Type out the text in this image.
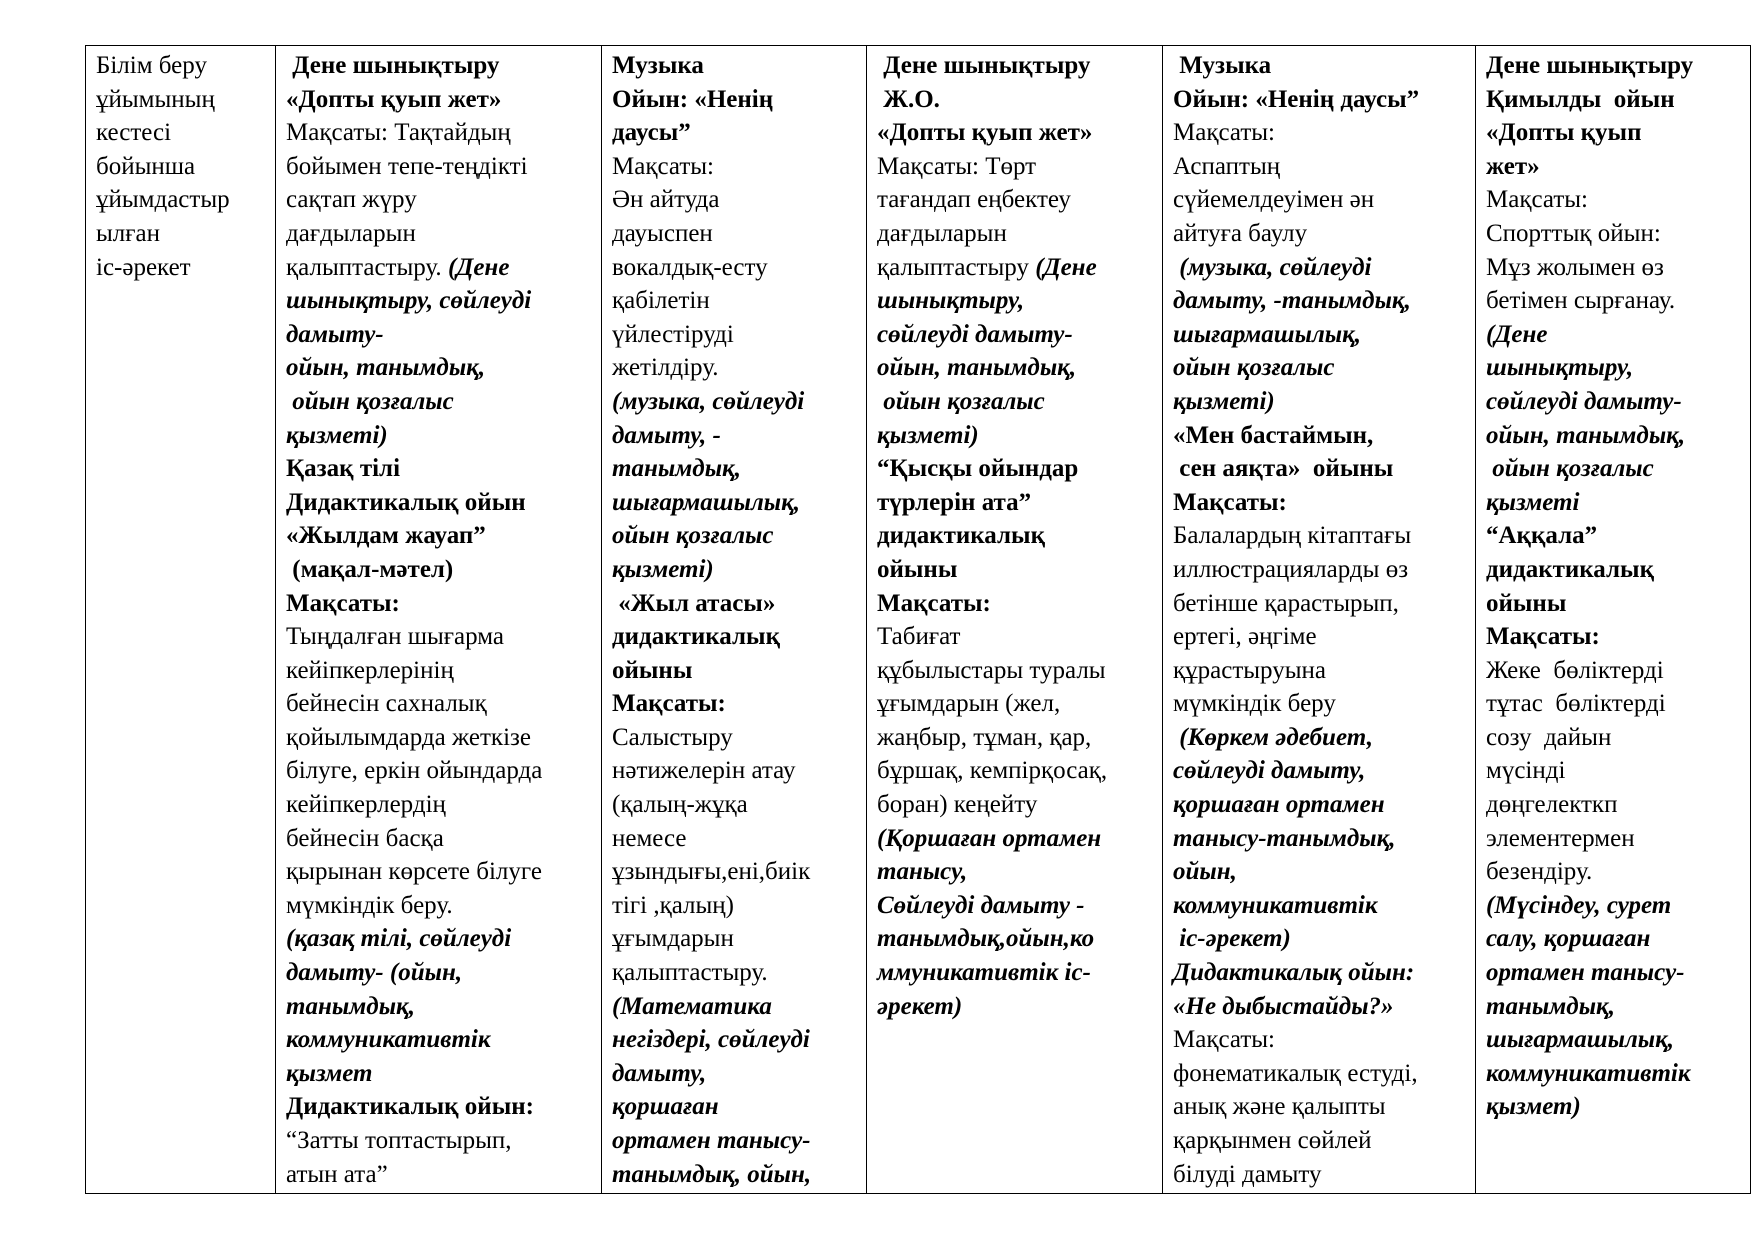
Білім беру
ұйымының
кестесі
бойынша
ұйымдастыр
ылған
іс-әрекет

Дене шынықтыру
«Допты қуып жет»
Мақсаты: Тақтайдың
бойымен тепе-теңдікті
сақтап жүру
дағдыларын
қалыптастыру. (Дене
шынықтыру, сөйлеуді
дамыту-
ойын, танымдық,
ойын қозғалыс
қызметі)
Қазақ тілі
Дидактикалық ойын
«Жылдам жауап”
(мақал-мәтел)
Мақсаты:
Тыңдалған шығарма
кейіпкерлерінің
бейнесін сахналық
қойылымдарда жеткізе
білуге, еркін ойындарда
кейіпкерлердің
бейнесін басқа
қырынан көрсете білуге
мүмкіндік беру.
(қазақ тілі, сөйлеуді
дамыту- (ойын,
танымдық,
коммуникативтік
қызмет
Дидактикалық ойын:
“Затты топтастырып,
атын ата”

Музыка
Ойын: «Ненің
даусы”
Мақсаты:
Ән айтуда
дауыспен
вокалдық-есту
қабілетін
үйлестіруді
жетілдіру.
(музыка, сөйлеуді
дамыту, -
танымдық,
шығармашылық,
ойын қозғалыс
қызметі)
«Жыл атасы»
дидактикалық
ойыны
Мақсаты:
Салыстыру
нәтижелерін атау
(қалың-жұқа
немесе
ұзындығы,ені,биік
тігі ,қалың)
ұғымдарын
қалыптастыру.
(Математика
негіздері, сөйлеуді
дамыту,
қоршаған
ортамен танысу-
танымдық, ойын,

Дене шынықтыру
Ж.О.
«Допты қуып жет»
Мақсаты: Төрт
тағандап еңбектеу
дағдыларын
қалыптастыру (Дене
шынықтыру,
сөйлеуді дамыту-
ойын, танымдық,
ойын қозғалыс
қызметі)
“Қысқы ойындар
түрлерін ата”
дидактикалық
ойыны
Мақсаты:
Табиғат
құбылыстары туралы
ұғымдарын (жел,
жаңбыр, тұман, қар,
бұршақ, кемпірқосақ,
боран) кеңейту
(Қоршаған ортамен
танысу,
Сөйлеуді дамыту -
танымдық,ойын,ко
ммуникативтік іс-
әрекет)

Музыка
Ойын: «Ненің даусы”
Мақсаты:
Аспаптың
сүйемелдеуімен ән
айтуға баулу
(музыка, сөйлеуді
дамыту, -танымдық,
шығармашылық,
ойын қозғалыс
қызметі)
«Мен бастаймын,
сен аяқта»  ойыны
Мақсаты:
Балалардың кітаптағы
иллюстрацияларды өз
бетінше қарастырып,
ертегі, әңгіме
құрастыруына
мүмкіндік беру
(Көркем әдебиет,
сөйлеуді дамыту,
қоршаған ортамен
танысу-танымдық,
ойын,
коммуникативтік
іс-әрекет)
Дидактикалық ойын:
«Не дыбыстайды?»
Мақсаты:
фонематикалық естуді,
анық және қалыпты
қарқынмен сөйлей
білуді дамыту

Дене шынықтыру
Қимылды  ойын
«Допты қуып
жет»
Мақсаты:
Спорттық ойын:
Мұз жолымен өз
бетімен сырғанау.
(Дене
шынықтыру,
сөйлеуді дамыту-
ойын, танымдық,
ойын қозғалыс
қызметі
“Аққала”
дидактикалық
ойыны
Мақсаты:
Жеке  бөліктерді
тұтас  бөліктерді
созу  дайын
мүсінді
дөңгелекткп
элементермен
безендіру.
(Мүсіндеу, сурет
салу, қоршаған
ортамен танысу-
танымдық,
шығармашылық,
коммуникативтік
қызмет)
